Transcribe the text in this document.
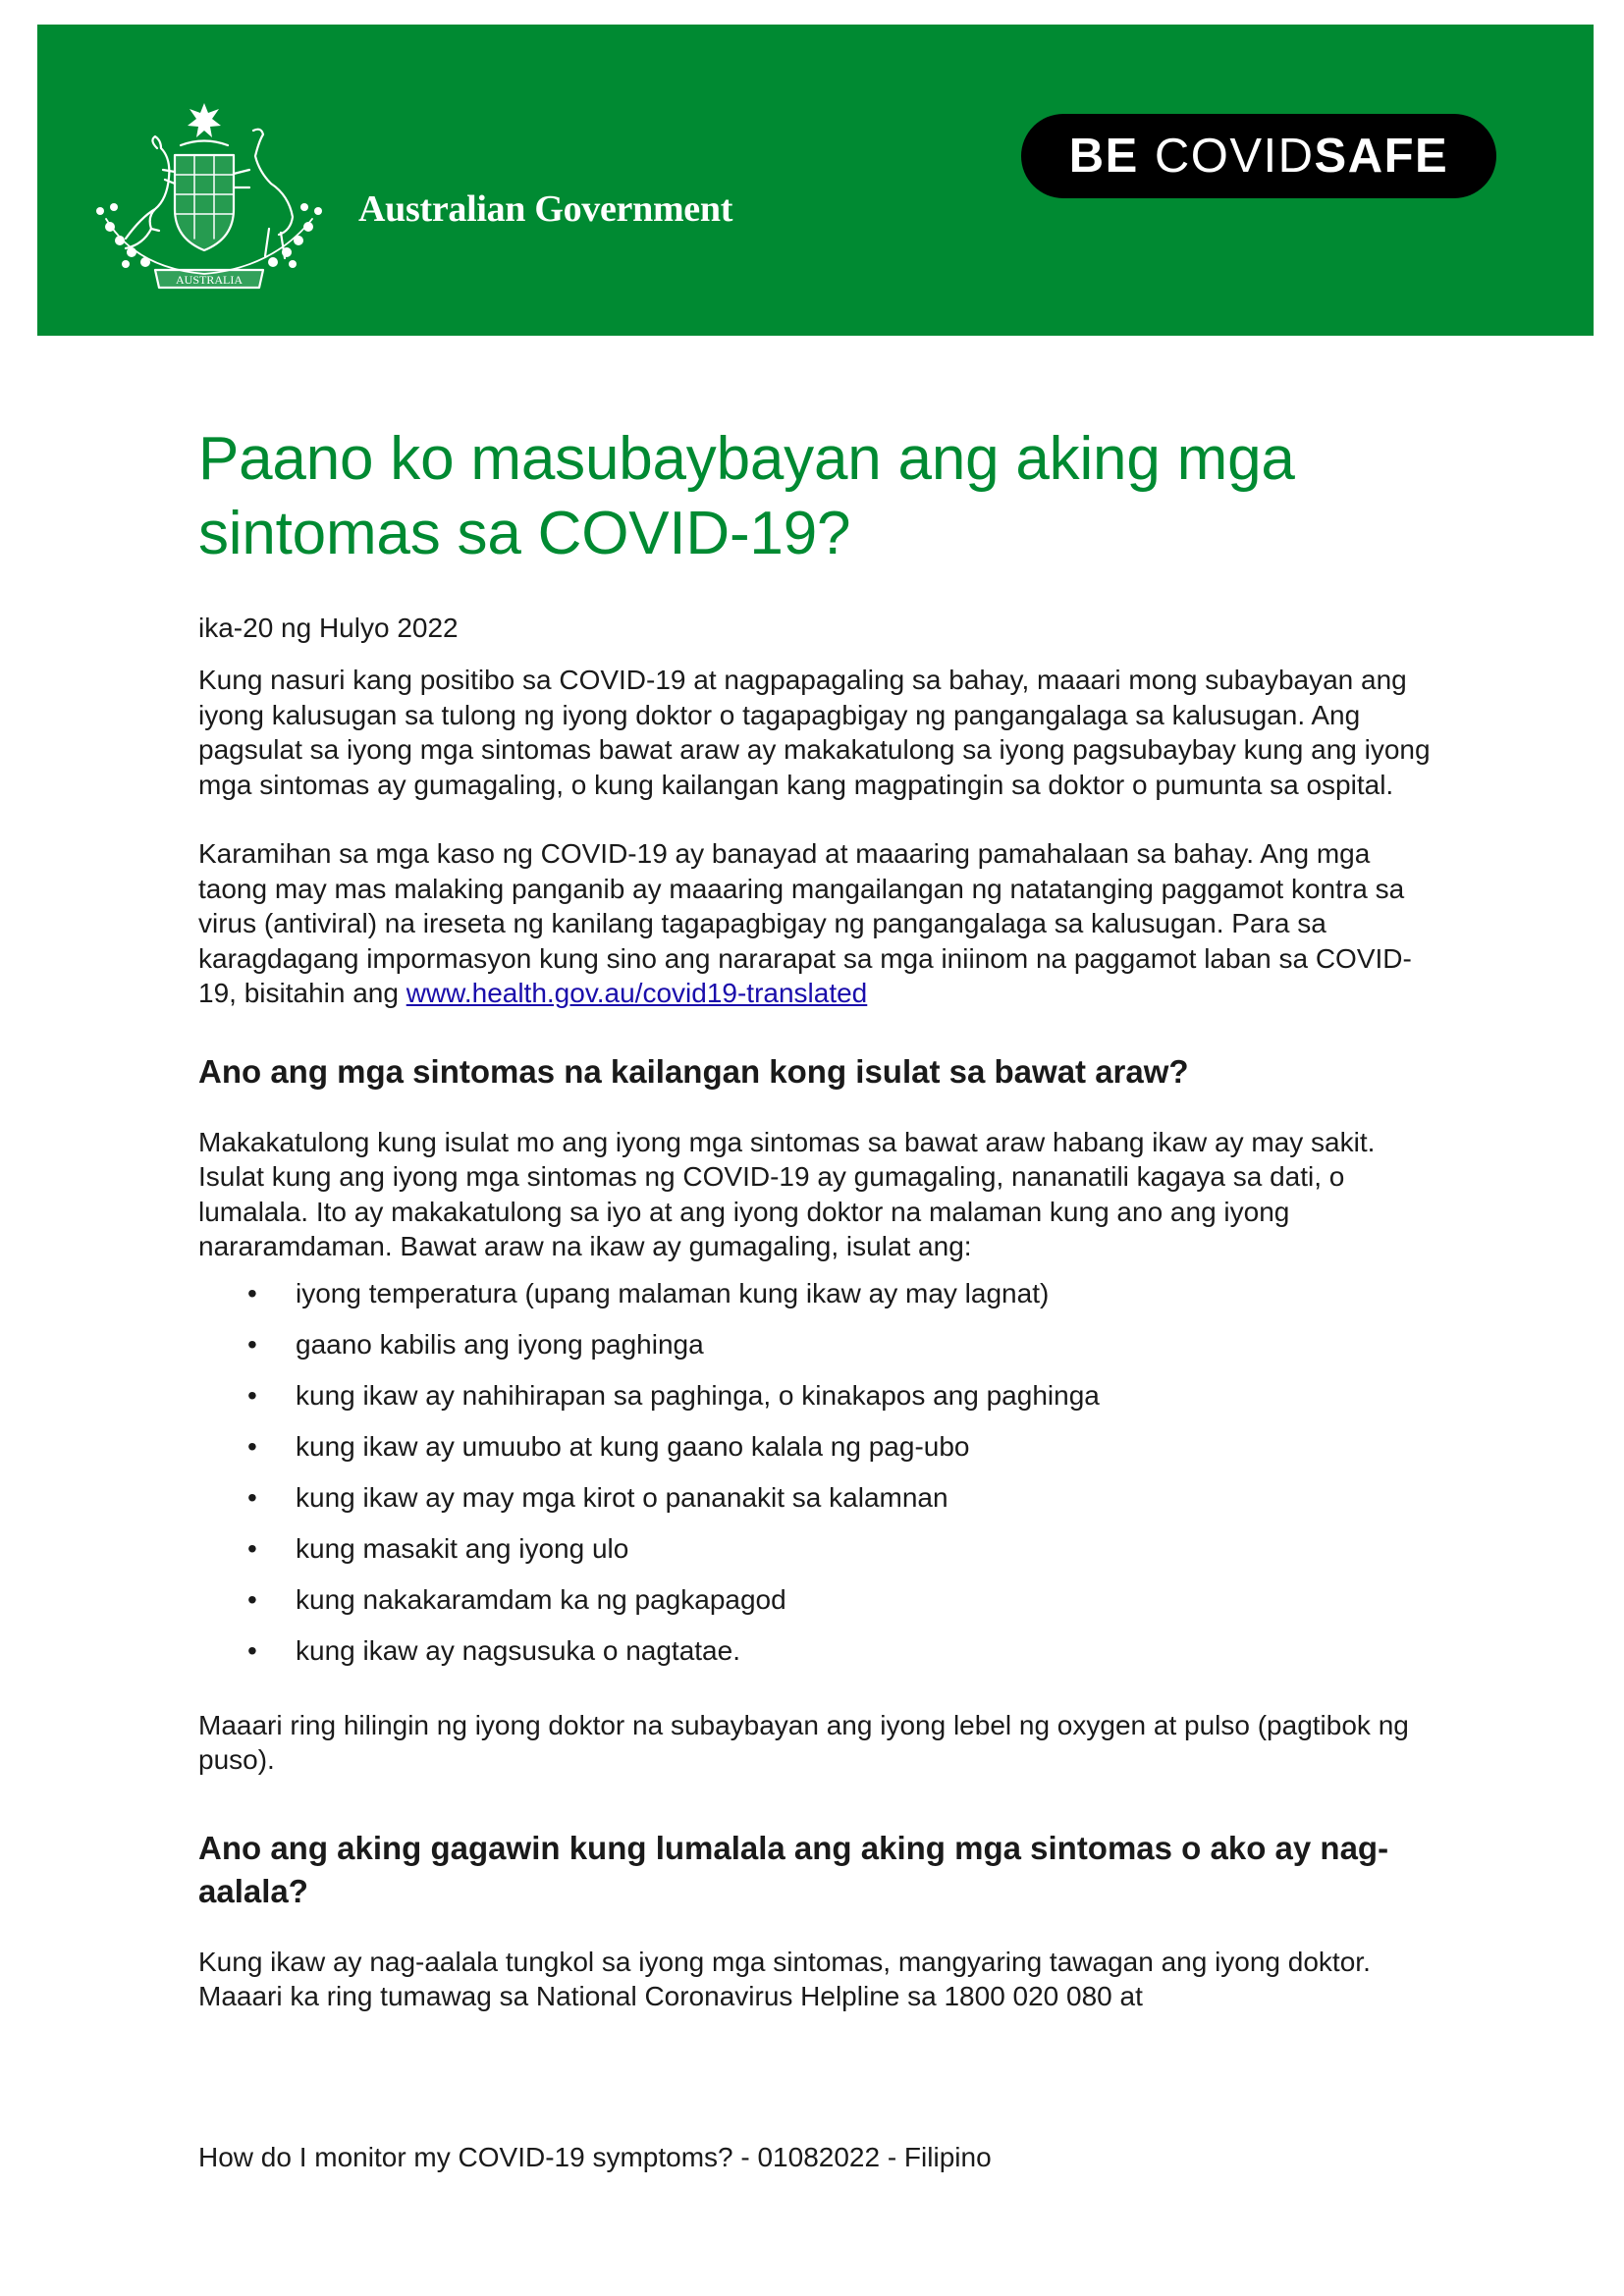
AUSTRALIA
Australian Government
BE COVID SAFE
Paano ko masubaybayan ang aking mga sintomas sa COVID-19?

ika-20 ng Hulyo 2022

Kung nasuri kang positibo sa COVID-19 at nagpapagaling sa bahay, maaari mong subaybayan ang iyong kalusugan sa tulong ng iyong doktor o tagapagbigay ng pangangalaga sa kalusugan. Ang pagsulat sa iyong mga sintomas bawat araw ay makakatulong sa iyong pagsubaybay kung ang iyong mga sintomas ay gumagaling, o kung kailangan kang magpatingin sa doktor o pumunta sa ospital.

Karamihan sa mga kaso ng COVID-19 ay banayad at maaaring pamahalaan sa bahay. Ang mga taong may mas malaking panganib ay maaaring mangailangan ng natatanging paggamot kontra sa virus (antiviral) na ireseta ng kanilang tagapagbigay ng pangangalaga sa kalusugan. Para sa karagdagang impormasyon kung sino ang nararapat sa mga iniinom na paggamot laban sa COVID-19, bisitahin ang www.health.gov.au/covid19-translated

Ano ang mga sintomas na kailangan kong isulat sa bawat araw?

Makakatulong kung isulat mo ang iyong mga sintomas sa bawat araw habang ikaw ay may sakit. Isulat kung ang iyong mga sintomas ng COVID-19 ay gumagaling, nananatili kagaya sa dati, o lumalala. Ito ay makakatulong sa iyo at ang iyong doktor na malaman kung ano ang iyong nararamdaman. Bawat araw na ikaw ay gumagaling, isulat ang:

• iyong temperatura (upang malaman kung ikaw ay may lagnat)
• gaano kabilis ang iyong paghinga
• kung ikaw ay nahihirapan sa paghinga, o kinakapos ang paghinga
• kung ikaw ay umuubo at kung gaano kalala ng pag-ubo
• kung ikaw ay may mga kirot o pananakit sa kalamnan
• kung masakit ang iyong ulo
• kung nakakaramdam ka ng pagkapagod
• kung ikaw ay nagsusuka o nagtatae.

Maaari ring hilingin ng iyong doktor na subaybayan ang iyong lebel ng oxygen at pulso (pagtibok ng puso).

Ano ang aking gagawin kung lumalala ang aking mga sintomas o ako ay nag-aalala?

Kung ikaw ay nag-aalala tungkol sa iyong mga sintomas, mangyaring tawagan ang iyong doktor. Maaari ka ring tumawag sa National Coronavirus Helpline sa 1800 020 080 at

How do I monitor my COVID-19 symptoms? - 01082022 - Filipino
